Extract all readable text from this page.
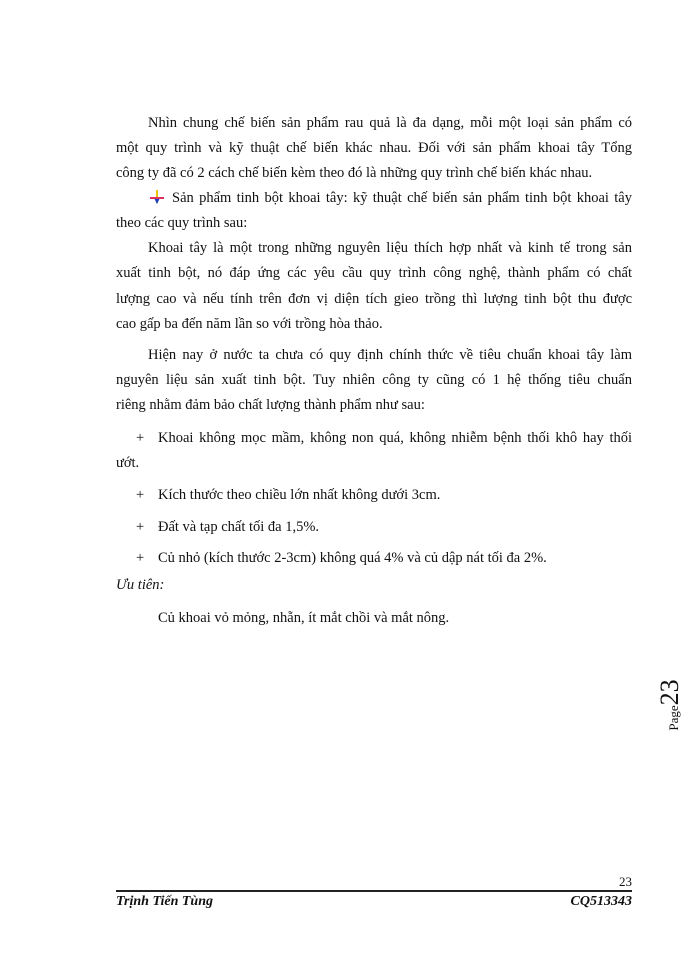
Nhìn chung chế biến sản phẩm rau quả là đa dạng, mỗi một loại sản phẩm có
một quy trình và kỹ thuật chế biến khác nhau. Đối với sản phẩm khoai tây Tổng
công ty đã có 2 cách chế biến kèm theo đó là những quy trình chế biến khác nhau.
Sản phẩm tinh bột khoai tây: kỹ thuật chế biến sản phẩm tinh bột khoai tây
theo các quy trình sau:
Khoai tây là một trong những nguyên liệu thích hợp nhất và kinh tế trong sản
xuất tinh bột, nó đáp ứng các yêu cầu quy trình công nghệ, thành phẩm có chất
lượng cao và nếu tính trên đơn vị diện tích gieo trồng thì lượng tinh bột thu được
cao gấp ba đến năm lần so với trồng hòa thảo.
Hiện nay ở nước ta chưa có quy định chính thức về tiêu chuẩn khoai tây làm
nguyên liệu sản xuất tinh bột. Tuy nhiên công ty cũng có 1 hệ thống tiêu chuẩn
riêng nhằm đảm bảo chất lượng thành phẩm như sau:
+ Khoai không mọc mầm, không non quá, không nhiễm bệnh thối khô hay thối
ướt.
+ Kích thước theo chiều lớn nhất không dưới 3cm.
+ Đất và tạp chất tối đa 1,5%.
+ Củ nhỏ (kích thước 2-3cm) không quá 4% và củ dập nát tối đa 2%.
Ưu tiên:
Củ khoai vỏ mỏng, nhẵn, ít mắt chồi và mắt nông.
Page23
23
Trịnh Tiến Tùng	CQ513343
